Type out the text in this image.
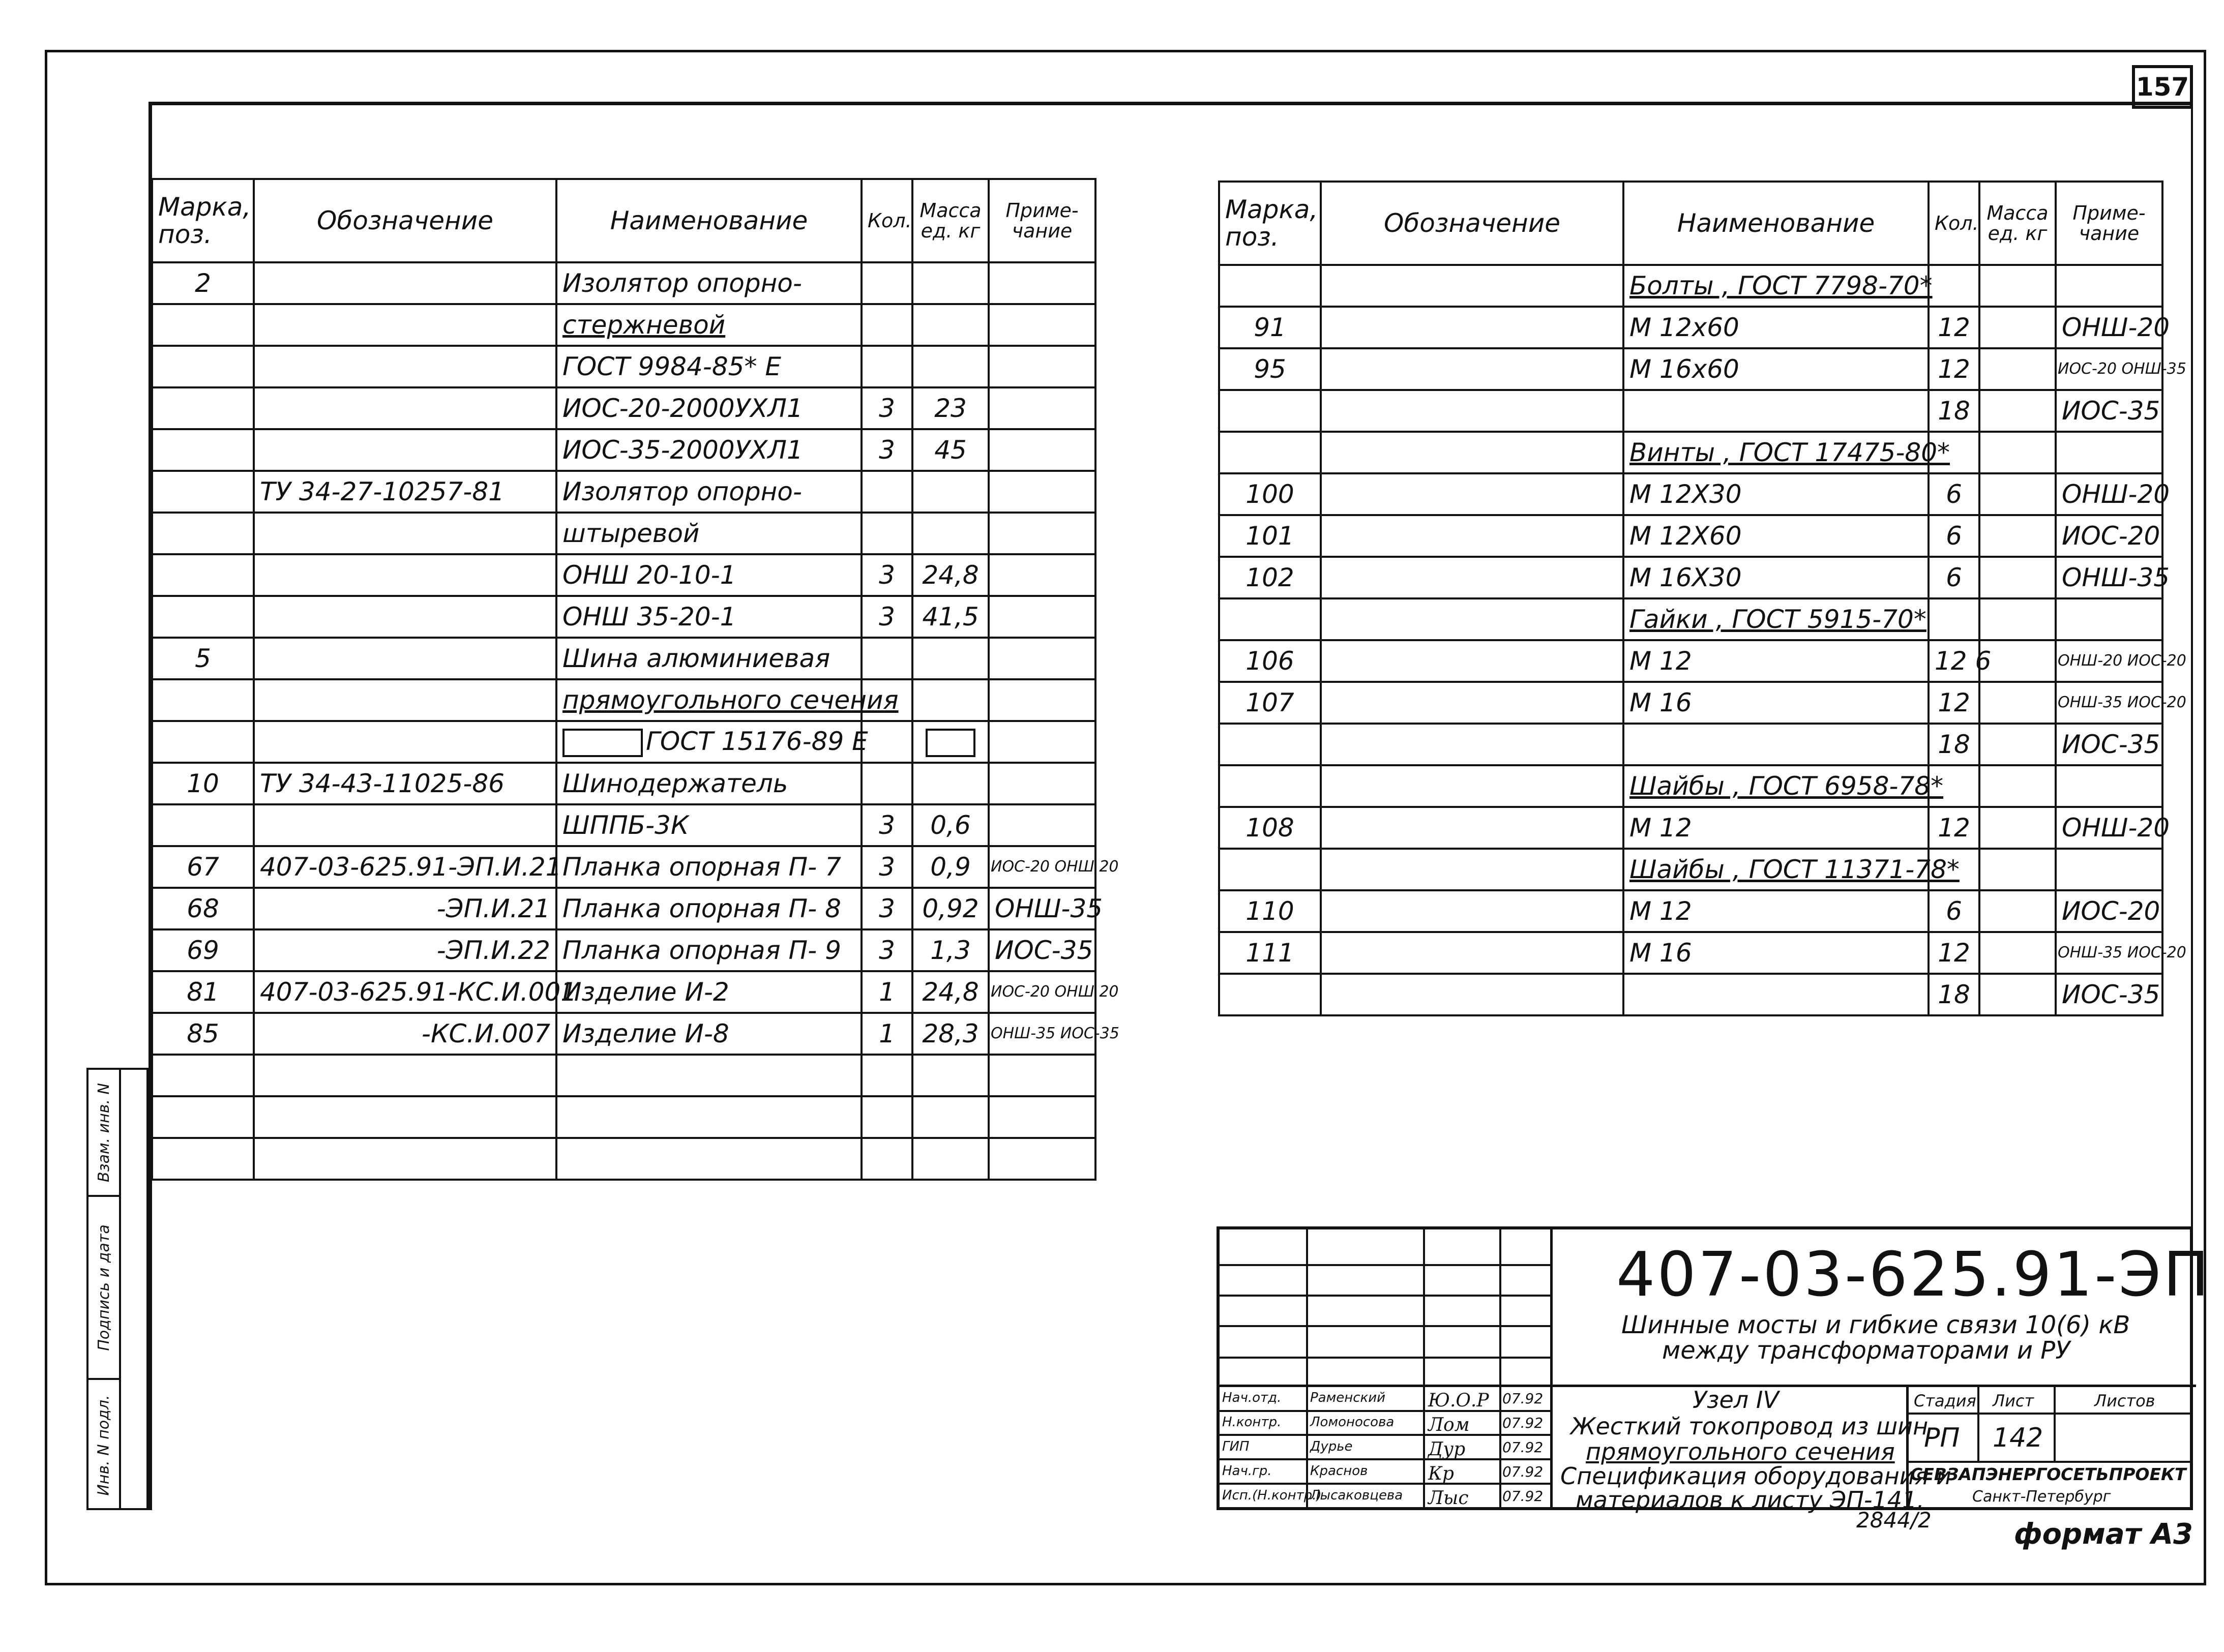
157
Марка, поз.	Обозначение	Наименование	Кол.	Масса ед. кг	Приме- чание
2		Изолятор опорно-			
		стержневой			
		ГОСТ 9984-85* Е			
		ИОС-20-2000УХЛ1	3	23	
		ИОС-35-2000УХЛ1	3	45	
	ТУ 34-27-10257-81	Изолятор опорно-			
		штыревой			
		ОНШ 20-10-1	3	24,8	
		ОНШ 35-20-1	3	41,5	
5		Шина алюминиевая			
		прямоугольного сечения			
		ГОСТ 15176-89 Е			
10	ТУ 34-43-11025-86	Шинодержатель			
		ШППБ-3К	3	0,6	
67	407-03-625.91-ЭП.И.21	Планка опорная П- 7	3	0,9	ИОС-20 ОНШ 20
68	-ЭП.И.21	Планка опорная П- 8	3	0,92	ОНШ-35
69	-ЭП.И.22	Планка опорная П- 9	3	1,3	ИОС-35
81	407-03-625.91-КС.И.001	Изделие И-2	1	24,8	ИОС-20 ОНШ 20
85	-КС.И.007	Изделие И-8	1	28,3	ОНШ-35 ИОС-35

Марка, поз.	Обозначение	Наименование	Кол.	Масса ед. кг	Приме- чание
		Болты , ГОСТ 7798-70*			
91		М 12х60	12		ОНШ-20
95		М 16х60	12		ИОС-20 ОНШ-35
			18		ИОС-35
		Винты , ГОСТ 17475-80*			
100		М 12Х30	6		ОНШ-20
101		М 12Х60	6		ИОС-20
102		М 16Х30	6		ОНШ-35
		Гайки , ГОСТ 5915-70*			
106		М 12	12 6		ОНШ-20 ИОС-20
107		М 16	12		ОНШ-35 ИОС-20
			18		ИОС-35
		Шайбы , ГОСТ 6958-78*			
108		М 12	12		ОНШ-20
		Шайбы , ГОСТ 11371-78*			
110		М 12	6		ИОС-20
111		М 16	12		ОНШ-35 ИОС-20
			18		ИОС-35
Взам. инв. N
Подпись и дата
Инв. N подл.
407-03-625.91-ЭП
Шинные мосты и гибкие связи 10(6) кВ
между трансформаторами и РУ
Узел IV
Жесткий токопровод из шин
прямоугольного сечения
Спецификация оборудования и
материалов к листу ЭП-141.
Стадия Лист	Листов
РП 142
СЕВЗАПЭНЕРГОСЕТЬПРОЕКТ
Санкт-Петербург
Нач.отд. Раменский Ю.О.Р 07.92
Н.контр. Ломоносова Лом 07.92
ГИП	Дурье	Дур	07.92
Нач.гр.	Краснов	Кр	07.92
Исп.(Н.контр.)
Лысаковцева Лыс 07.92
2844/2	формат А3
